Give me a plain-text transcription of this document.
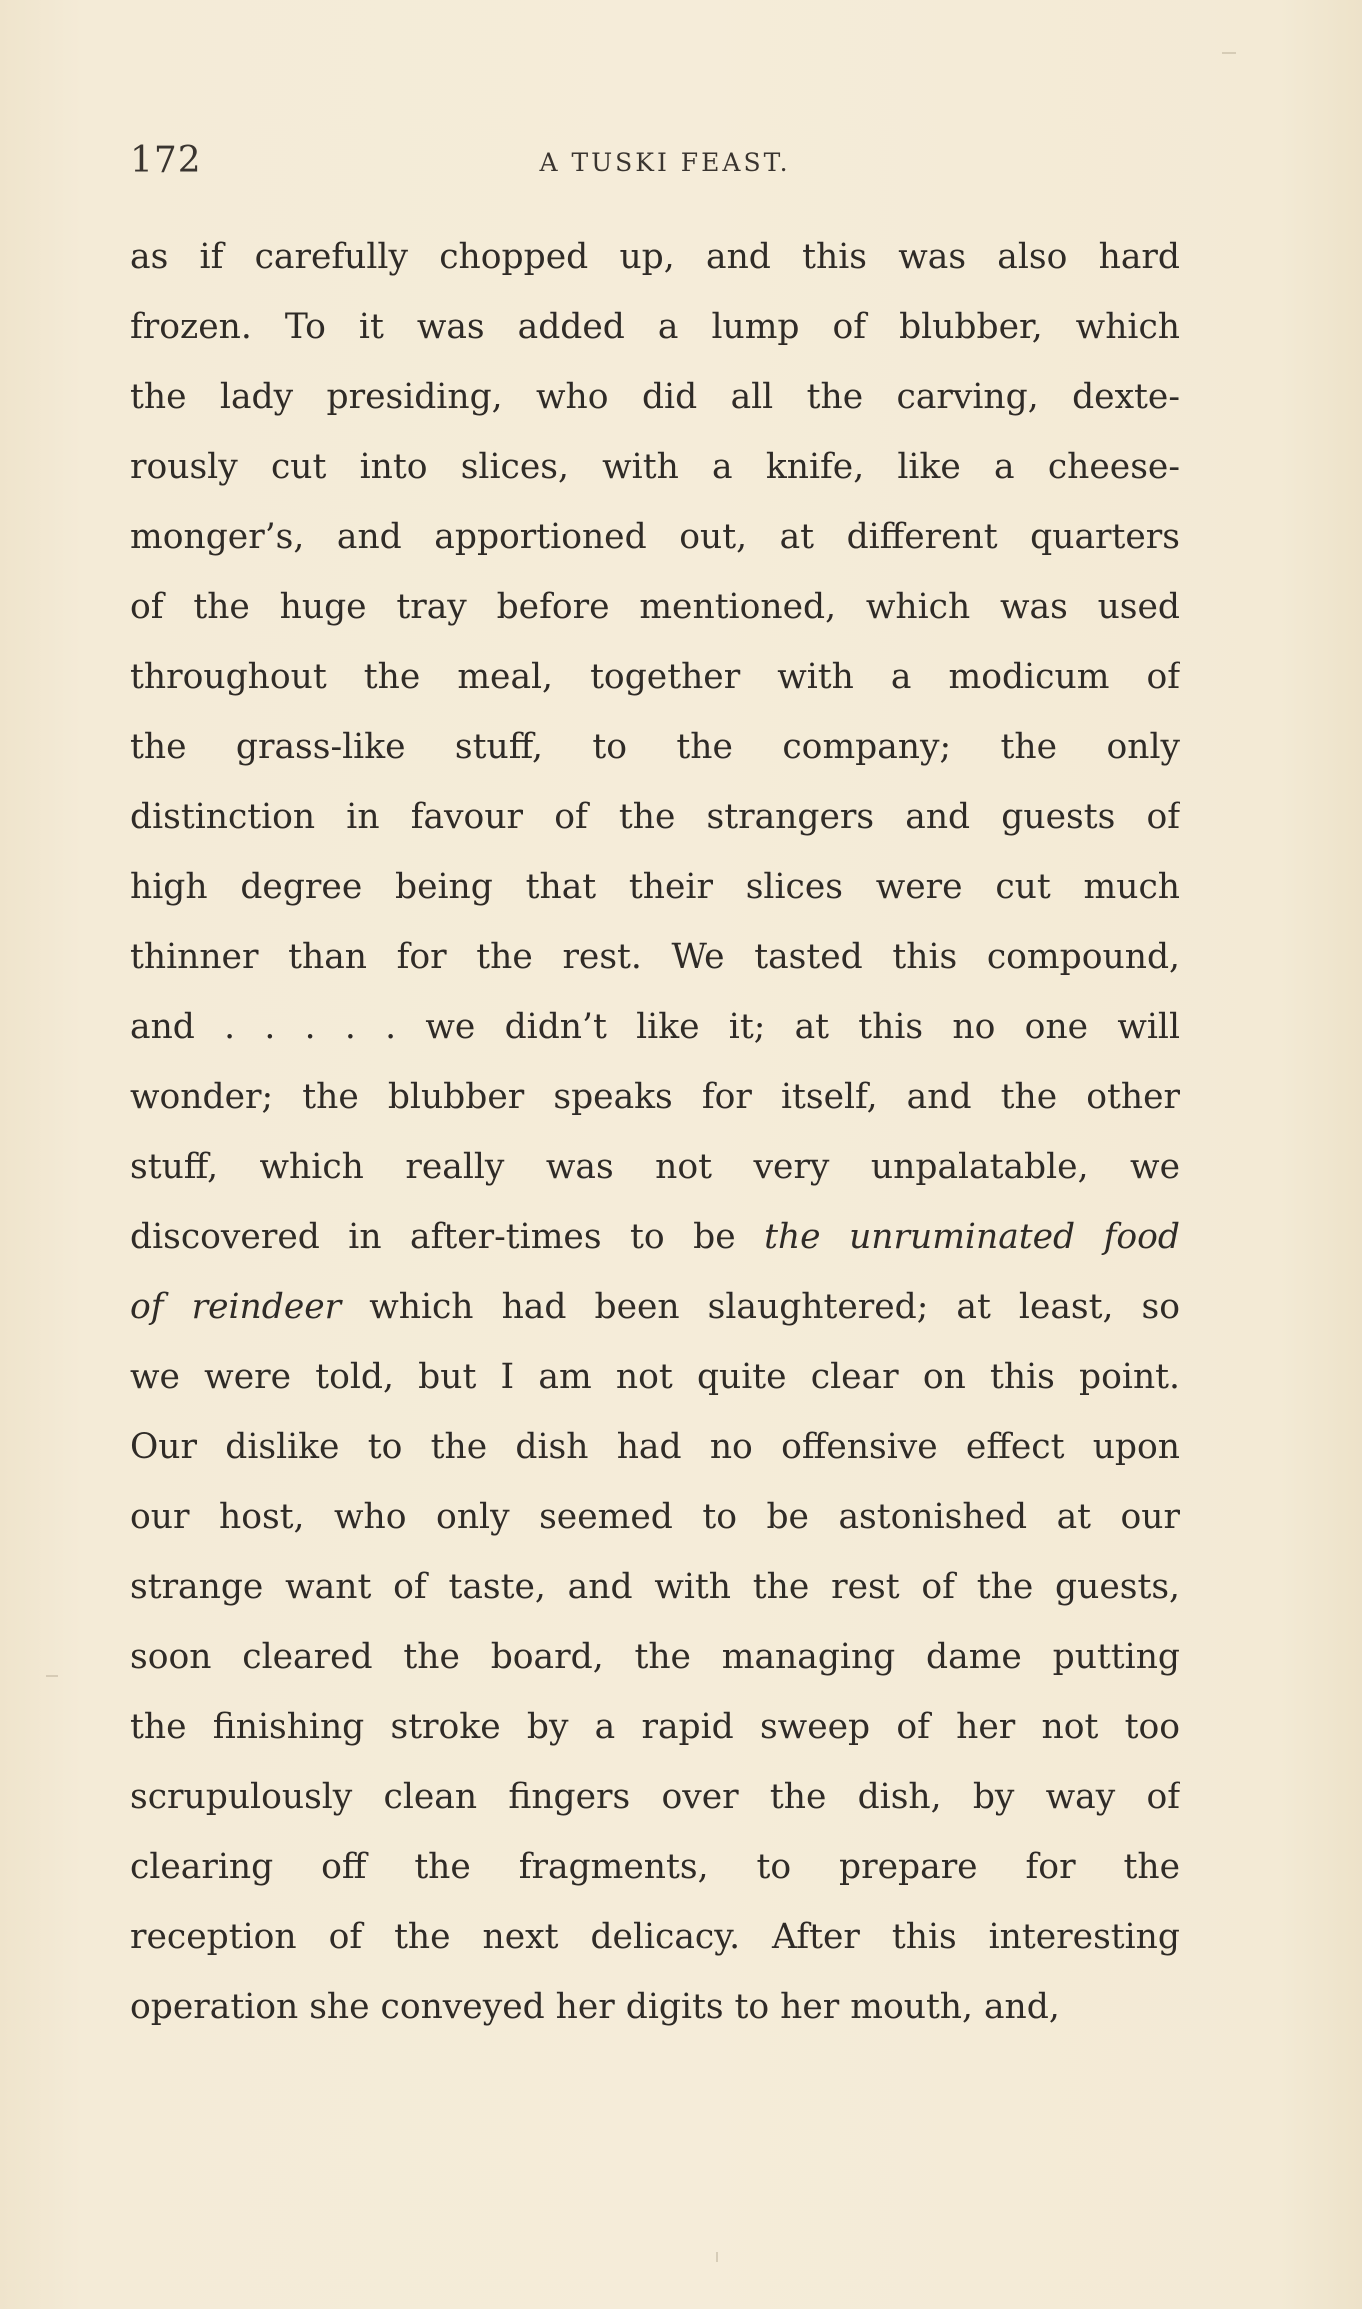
172	A TUSKI FEAST.
as if carefully chopped up, and this was also hard
frozen. To it was added a lump of blubber, which
the lady presiding, who did all the carving, dexte-
rously cut into slices, with a knife, like a cheese-
monger’s, and apportioned out, at different quarters
of the huge tray before mentioned, which was used
throughout the meal, together with a modicum of
the grass-like stuff, to the company; the only
distinction in favour of the strangers and guests of
high degree being that their slices were cut much
thinner than for the rest. We tasted this compound,
and . . . . . we didn’t like it; at this no one will
wonder; the blubber speaks for itself, and the other
stuff, which really was not very unpalatable, we
discovered in after-times to be the unruminated food
of reindeer which had been slaughtered; at least, so
we were told, but I am not quite clear on this point.
Our dislike to the dish had no offensive effect upon
our host, who only seemed to be astonished at our
strange want of taste, and with the rest of the guests,
soon cleared the board, the managing dame putting
the finishing stroke by a rapid sweep of her not too
scrupulously clean fingers over the dish, by way of
clearing off the fragments, to prepare for the
reception of the next delicacy. After this interesting
operation she conveyed her digits to her mouth, and,
